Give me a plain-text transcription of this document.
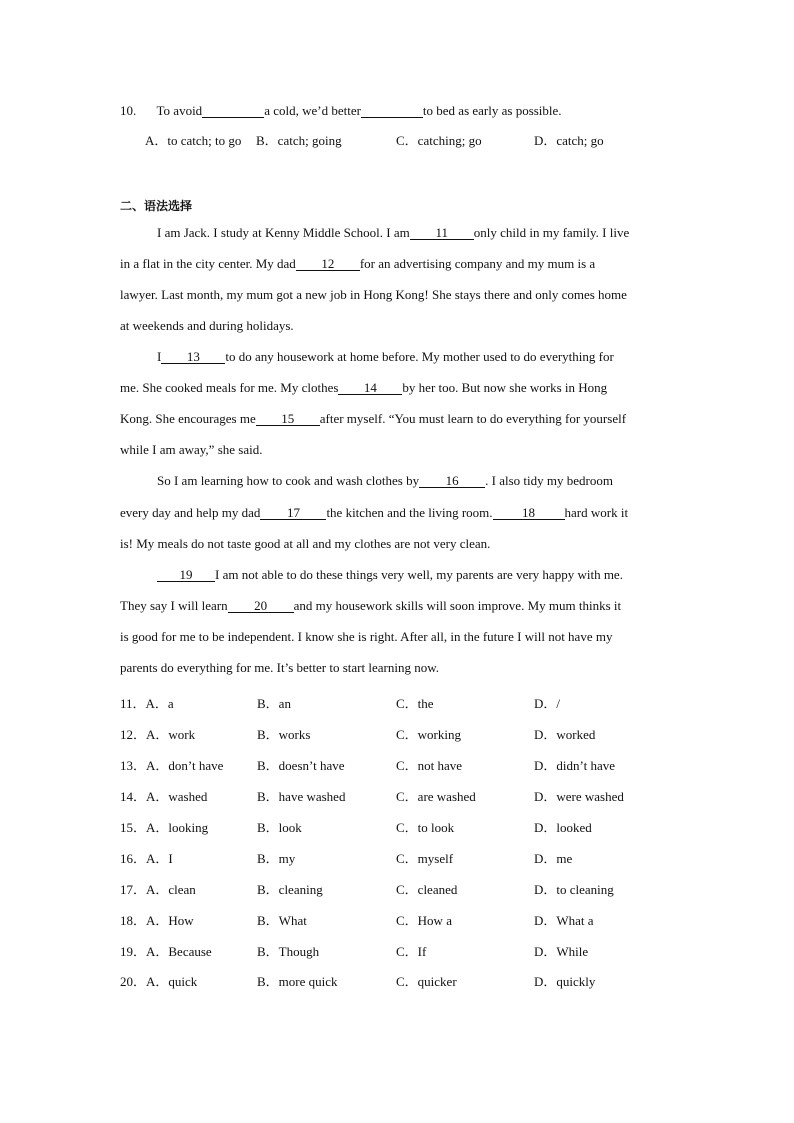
10. To avoid	a cold, we’d better	to bed as early as possible.
A．to catch; to go B．catch; going	C．catching; go	D．catch; go
二、语法选择
I am Jack. I study at Kenny Middle School. I am 11 only child in my family. I live
in a flat in the city center. My dad 12 for an advertising company and my mum is a
lawyer. Last month, my mum got a new job in Hong Kong! She stays there and only comes home
at weekends and during holidays.
I 13 to do any housework at home before. My mother used to do everything for
me. She cooked meals for me. My clothes 14 by her too. But now she works in Hong
Kong. She encourages me 15 after myself. “You must learn to do everything for yourself
while I am away,” she said.
So I am learning how to cook and wash clothes by 16 . I also tidy my bedroom
every day and help my dad 17 the kitchen and the living room. 18 hard work it
is! My meals do not taste good at all and my clothes are not very clean.
19 I am not able to do these things very well, my parents are very happy with me.
They say I will learn 20 and my housework skills will soon improve. My mum thinks it
is good for me to be independent. I know she is right. After all, in the future I will not have my
parents do everything for me. It’s better to start learning now.
11．A．a	B．an	C．the	D．/
12．A．work	B．works	C．working	D．worked
13．A．don’t have	B．doesn’t have	C．not have	D．didn’t have
14．A．washed	B．have washed	C．are washed	D．were washed
15．A．looking	B．look	C．to look	D．looked
16．A．I	B．my	C．myself	D．me
17．A．clean	B．cleaning	C．cleaned	D．to cleaning
18．A．How	B．What	C．How a	D．What a
19．A．Because	B．Though	C．If	D．While
20．A．quick	B．more quick	C．quicker	D．quickly
